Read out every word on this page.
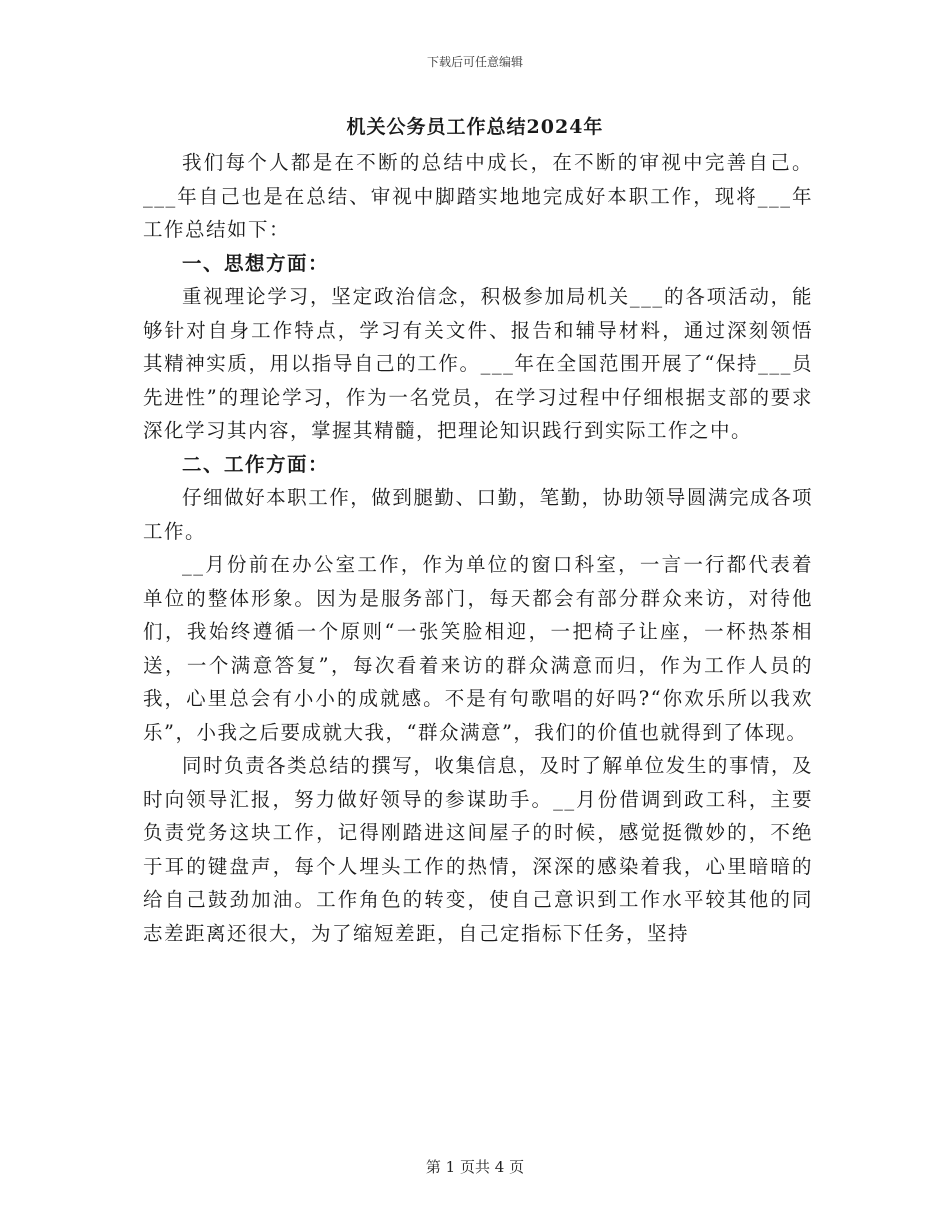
下载后可任意编辑
机关公务员工作总结2024年

我们每个人都是在不断的总结中成长，在不断的审视中完善自己。___年自己也是在总结、审视中脚踏实地地完成好本职工作，现将___年工作总结如下：

一、思想方面：

重视理论学习，坚定政治信念，积极参加局机关___的各项活动，能够针对自身工作特点，学习有关文件、报告和辅导材料，通过深刻领悟其精神实质，用以指导自己的工作。___年在全国范围开展了“保持___员先进性”的理论学习，作为一名党员，在学习过程中仔细根据支部的要求深化学习其内容，掌握其精髓，把理论知识践行到实际工作之中。

二、工作方面：

仔细做好本职工作，做到腿勤、口勤，笔勤，协助领导圆满完成各项工作。

__月份前在办公室工作，作为单位的窗口科室，一言一行都代表着单位的整体形象。因为是服务部门，每天都会有部分群众来访，对待他们，我始终遵循一个原则“一张笑脸相迎，一把椅子让座，一杯热茶相送，一个满意答复”，每次看着来访的群众满意而归，作为工作人员的我，心里总会有小小的成就感。不是有句歌唱的好吗?“你欢乐所以我欢乐”，小我之后要成就大我，“群众满意”，我们的价值也就得到了体现。

同时负责各类总结的撰写，收集信息，及时了解单位发生的事情，及时向领导汇报，努力做好领导的参谋助手。__月份借调到政工科，主要负责党务这块工作，记得刚踏进这间屋子的时候，感觉挺微妙的，不绝于耳的键盘声，每个人埋头工作的热情，深深的感染着我，心里暗暗的给自己鼓劲加油。工作角色的转变，使自己意识到工作水平较其他的同志差距离还很大，为了缩短差距，自己定指标下任务，坚持

第 1 页共 4 页
